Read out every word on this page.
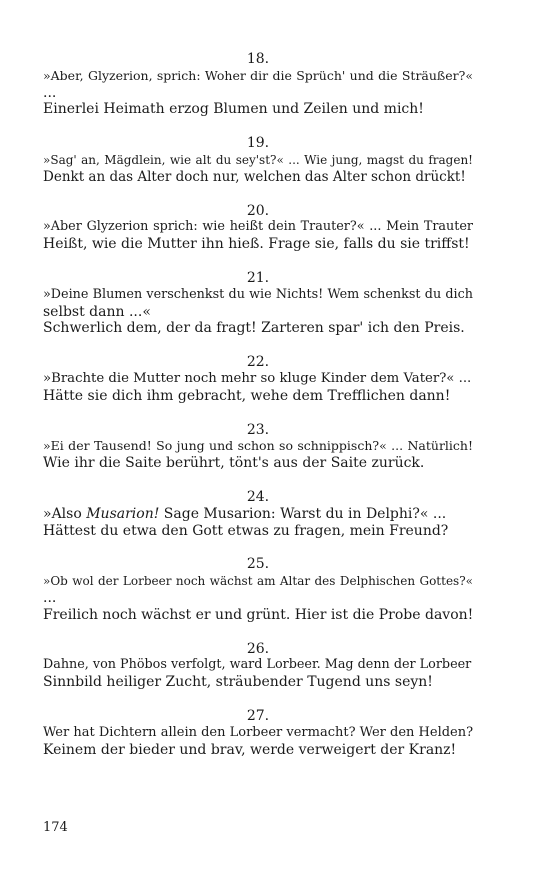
18.
»Aber, Glyzerion, sprich: Woher dir die Sprüch' und die Sträußer?«
...
Einerlei Heimath erzog Blumen und Zeilen und mich!
19.
»Sag' an, Mägdlein, wie alt du sey'st?« ... Wie jung, magst du fragen!
Denkt an das Alter doch nur, welchen das Alter schon drückt!
20.
»Aber Glyzerion sprich: wie heißt dein Trauter?« ... Mein Trauter
Heißt, wie die Mutter ihn hieß. Frage sie, falls du sie triffst!
21.
»Deine Blumen verschenkst du wie Nichts! Wem schenkst du dich
selbst dann ...«
Schwerlich dem, der da fragt! Zarteren spar' ich den Preis.
22.
»Brachte die Mutter noch mehr so kluge Kinder dem Vater?« ...
Hätte sie dich ihm gebracht, wehe dem Trefflichen dann!
23.
»Ei der Tausend! So jung und schon so schnippisch?« ... Natürlich!
Wie ihr die Saite berührt, tönt's aus der Saite zurück.
24.
»Also Musarion! Sage Musarion: Warst du in Delphi?« ...
Hättest du etwa den Gott etwas zu fragen, mein Freund?
25.
»Ob wol der Lorbeer noch wächst am Altar des Delphischen Gottes?«
...
Freilich noch wächst er und grünt. Hier ist die Probe davon!
26.
Dahne, von Phöbos verfolgt, ward Lorbeer. Mag denn der Lorbeer
Sinnbild heiliger Zucht, sträubender Tugend uns seyn!
27.
Wer hat Dichtern allein den Lorbeer vermacht? Wer den Helden?
Keinem der bieder und brav, werde verweigert der Kranz!
174
